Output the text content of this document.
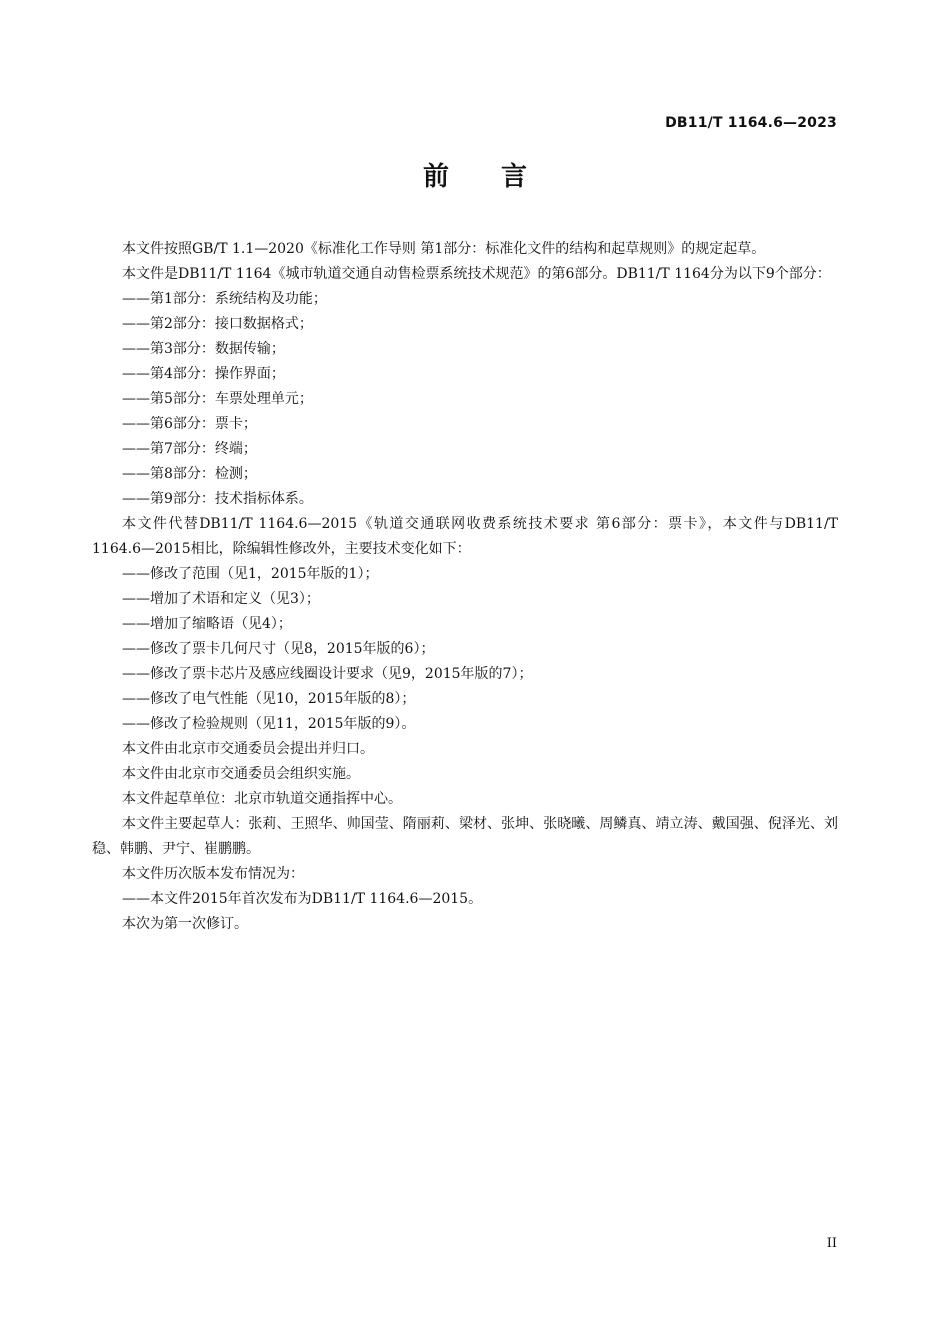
DB11/T 1164.6—2023
前 言

本文件按照GB/T 1.1—2020《标准化工作导则 第1部分：标准化文件的结构和起草规则》的规定起草。

本文件是DB11/T 1164《城市轨道交通自动售检票系统技术规范》的第6部分。DB11/T 1164分为以下9个部分：

——第1部分：系统结构及功能；

——第2部分：接口数据格式；

——第3部分：数据传输；

——第4部分：操作界面；

——第5部分：车票处理单元；

——第6部分：票卡；

——第7部分：终端；

——第8部分：检测；

——第9部分：技术指标体系。

本文件代替DB11/T 1164.6—2015《轨道交通联网收费系统技术要求 第6部分：票卡》，本文件与DB11/T 1164.6—2015相比，除编辑性修改外，主要技术变化如下：

——修改了范围（见1，2015年版的1）；

——增加了术语和定义（见3）；

——增加了缩略语（见4）；

——修改了票卡几何尺寸（见8，2015年版的6）；

——修改了票卡芯片及感应线圈设计要求（见9，2015年版的7）；

——修改了电气性能（见10，2015年版的8）；

——修改了检验规则（见11，2015年版的9）。

本文件由北京市交通委员会提出并归口。

本文件由北京市交通委员会组织实施。

本文件起草单位：北京市轨道交通指挥中心。

本文件主要起草人：张莉、王照华、帅国莹、隋丽莉、梁材、张坤、张晓曦、周鳞真、靖立涛、戴国强、倪泽光、刘稳、韩鹏、尹宁、崔鹏鹏。

本文件历次版本发布情况为：

——本文件2015年首次发布为DB11/T 1164.6—2015。

本次为第一次修订。

II
